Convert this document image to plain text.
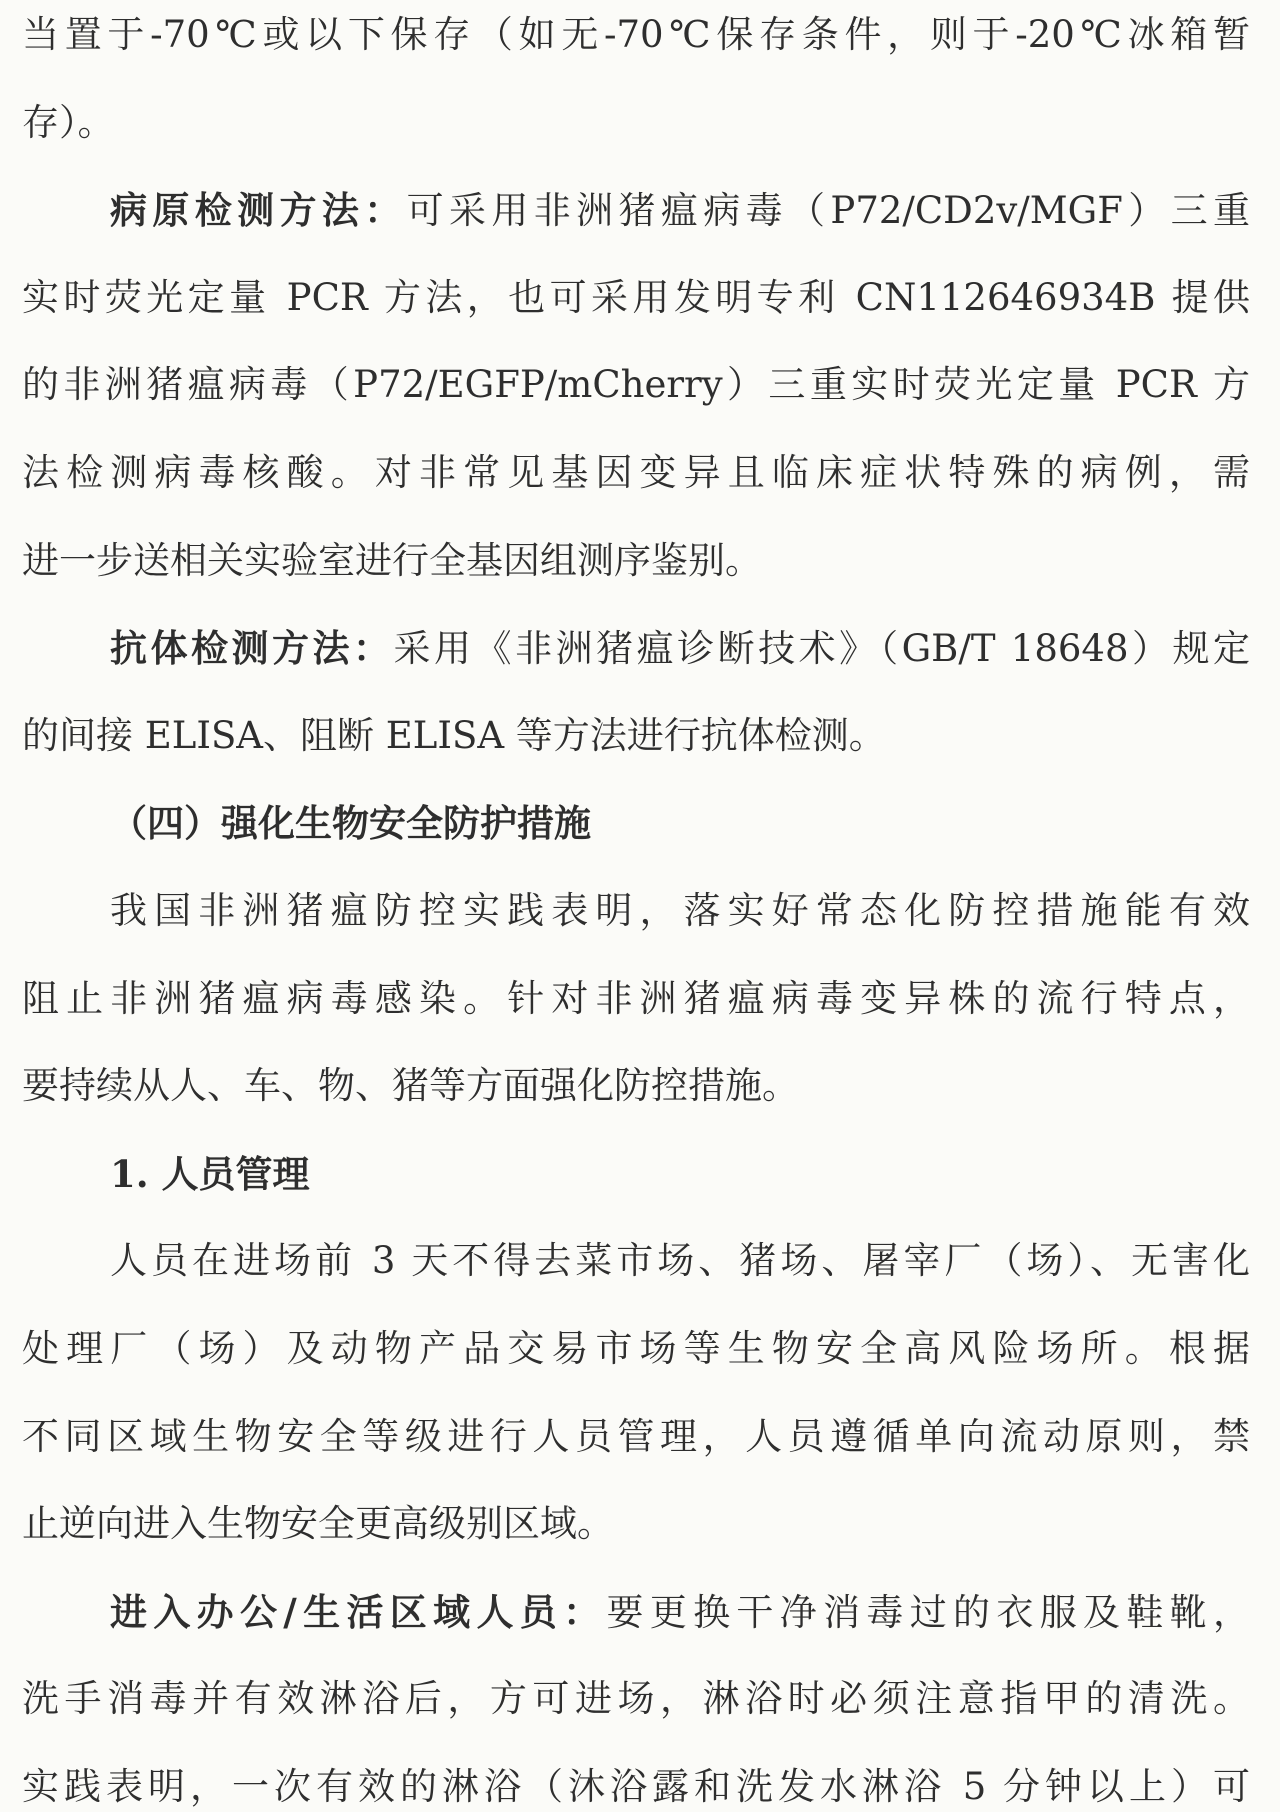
当置于-70℃或以下保存（如无-70℃保存条件，则于-20℃冰箱暂
存）。
病原检测方法：可采用非洲猪瘟病毒（P72/CD2v/MGF）三重
实时荧光定量 PCR 方法，也可采用发明专利 CN112646934B 提供
的非洲猪瘟病毒（P72/EGFP/mCherry）三重实时荧光定量 PCR 方
法检测病毒核酸。对非常见基因变异且临床症状特殊的病例，需
进一步送相关实验室进行全基因组测序鉴别。
抗体检测方法：采用《非洲猪瘟诊断技术》（GB/T 18648）规定
的间接 ELISA、阻断 ELISA 等方法进行抗体检测。
（四）强化生物安全防护措施
我国非洲猪瘟防控实践表明，落实好常态化防控措施能有效
阻止非洲猪瘟病毒感染。针对非洲猪瘟病毒变异株的流行特点，
要持续从人、车、物、猪等方面强化防控措施。
1. 人员管理
人员在进场前 3 天不得去菜市场、猪场、屠宰厂（场）、无害化
处理厂（场）及动物产品交易市场等生物安全高风险场所。根据
不同区域生物安全等级进行人员管理，人员遵循单向流动原则，禁
止逆向进入生物安全更高级别区域。
进入办公/生活区域人员：要更换干净消毒过的衣服及鞋靴，
洗手消毒并有效淋浴后，方可进场，淋浴时必须注意指甲的清洗。
实践表明，一次有效的淋浴（沐浴露和洗发水淋浴 5 分钟以上）可
